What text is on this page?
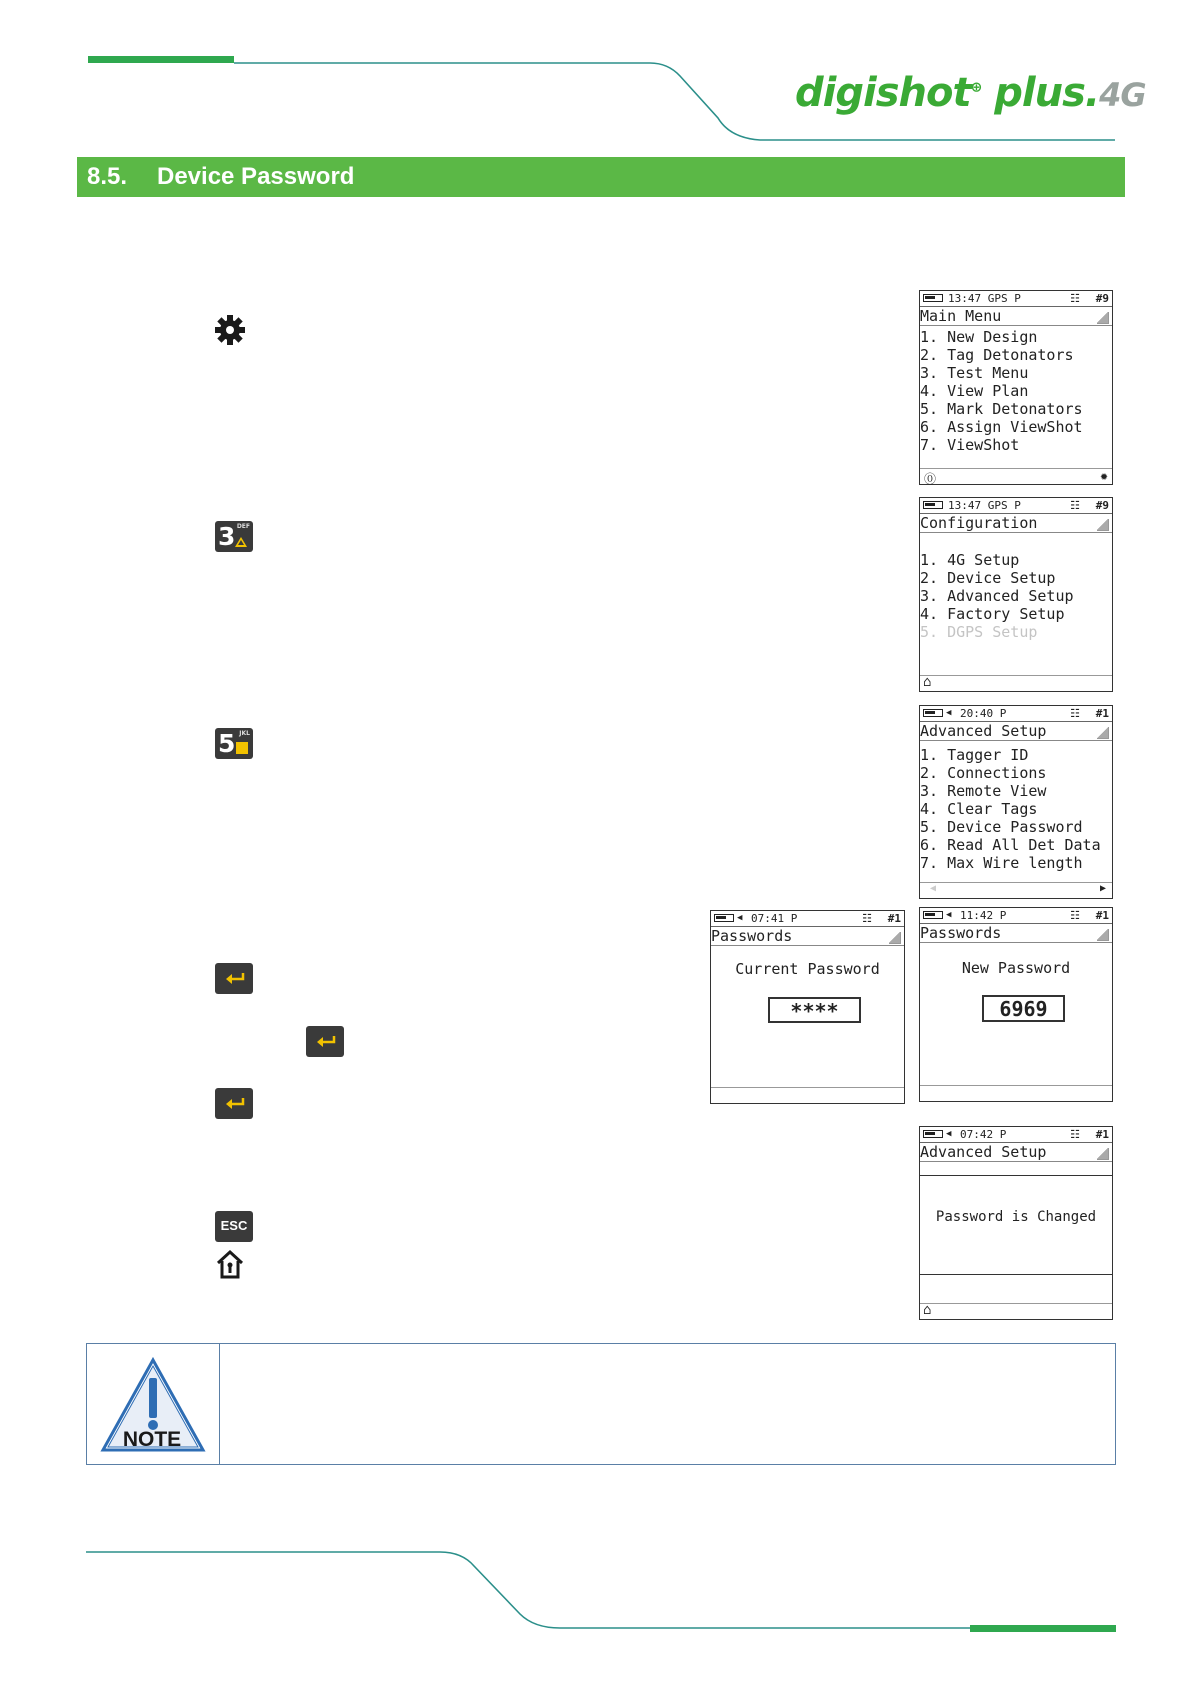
digishot⊕ plus.4G
8.5. Device Password
3 DEF
5 JKL
ESC
13:47 GPS P	☷ #9
Main Menu
1. New Design
2. Tag Detonators
3. Test Menu
4. View Plan
5. Mark Detonators
6. Assign ViewShot
7. ViewShot
⓪	✹
13:47 GPS P	☷ #9
Configuration
1. 4G Setup
2. Device Setup
3. Advanced Setup
4. Factory Setup
5. DGPS Setup
⌂
20:40 P
◀	☷ #1
Advanced Setup
1. Tagger ID
2. Connections
3. Remote View
4. Clear Tags
5. Device Password
6. Read All Det Data
7. Max Wire length
◀	▶
◀ 07:41 P	☷ #1
Passwords
Current Password
****
◀ 11:42 P	☷ #1
Passwords
New Password
6969
◀ 07:42 P	☷ #1
Advanced Setup
Password is Changed
⌂
NOTE
